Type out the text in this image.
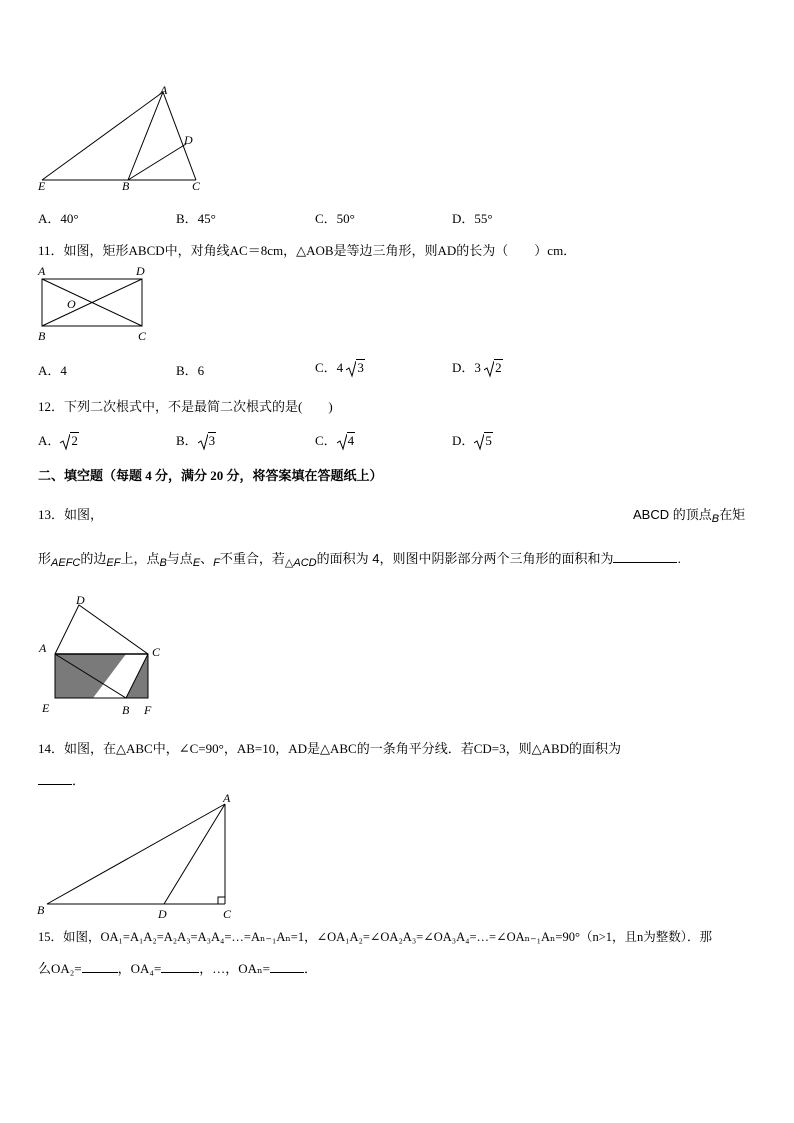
A
D
E	B	C
A．40°	B．45°	C．50°	D．55°
11．如图，矩形ABCD中，对角线AC＝8cm，△AOB是等边三角形，则AD的长为（　　）cm．
A	D
O
B	C
A．4	B．6	C．4 3	D．3 2
12．下列二次根式中，不是最简二次根式的是(　　)
A． 2	B． 3	C． 4	D． 5
二、填空题（每题 4 分，满分 20 分，将答案填在答题纸上）
13．如图，	ABCD 的顶点$_B$在矩
形$_{AEFC}$的边$_{EF}$上，点$_B$与点$_E$、$_F$不重合，若$_{\triangle ACD}$的面积为 4，则图中阴影部分两个三角形的面积和为	.
D
A	C
E	B F
14．如图，在△ABC中，∠C=90°，AB=10，AD是△ABC的一条角平分线．若CD=3，则△ABD的面积为
．
A
B	D	C
15．如图，OA₁=A₁A₂=A₂A₃=A₃A₄=…=Aₙ₋₁Aₙ=1，∠OA₁A₂=∠OA₂A₃=∠OA₃A₄=…=∠OAₙ₋₁Aₙ=90°（n>1，且n为整数）．那
么OA₂=	，OA₄=	，…，OAₙ=	．
